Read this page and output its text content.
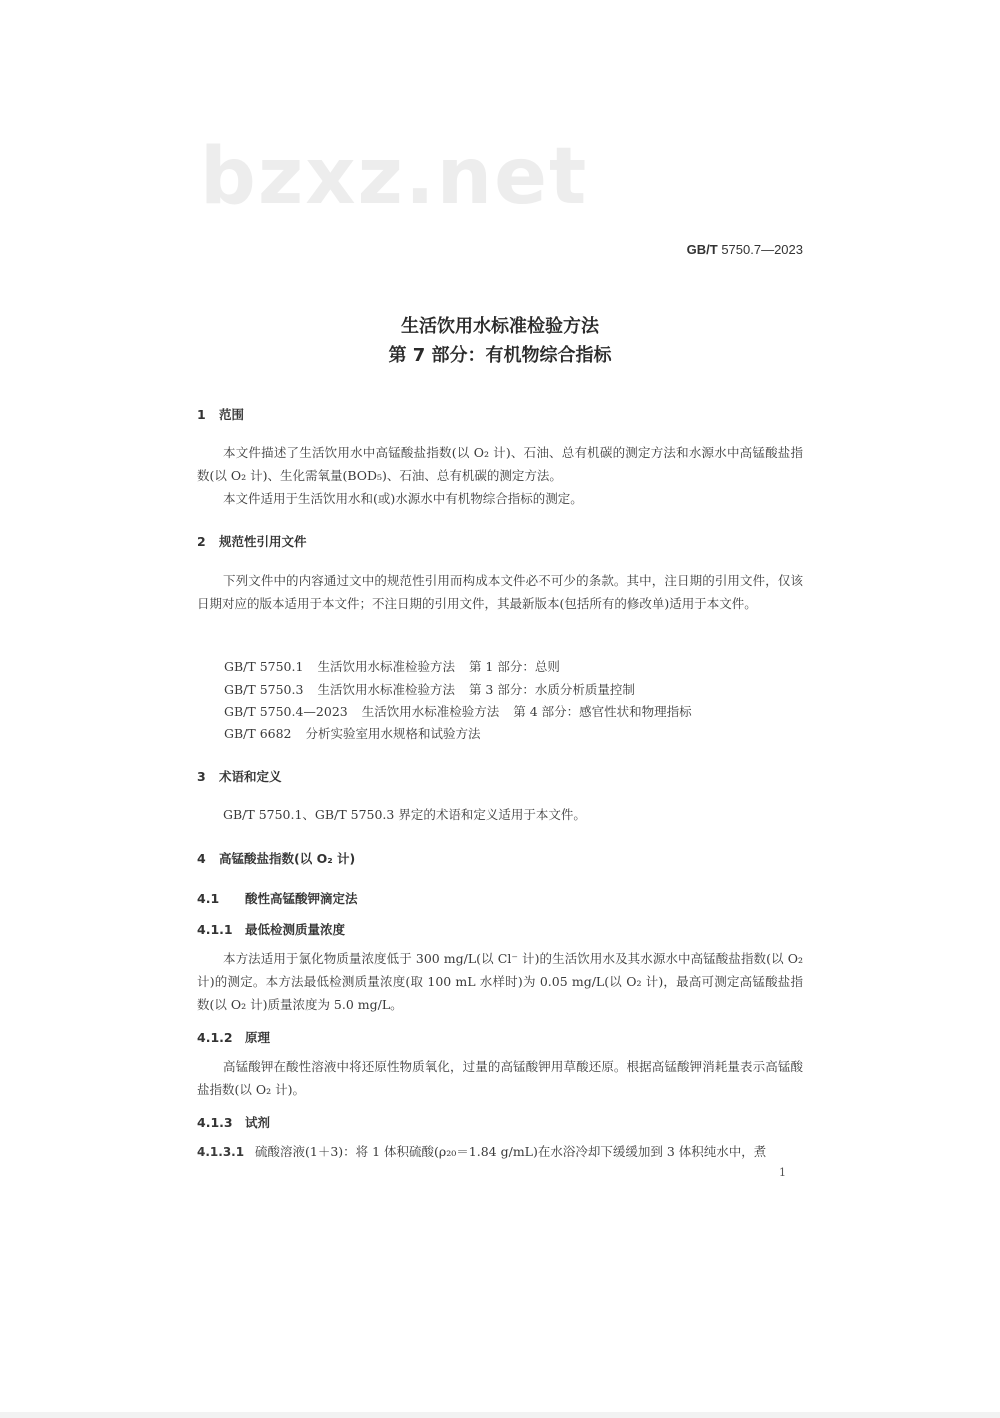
bzxz.net
GB/T 5750.7—2023
生活饮用水标准检验方法
第 7 部分：有机物综合指标
1 范围
本文件描述了生活饮用水中高锰酸盐指数(以 O₂ 计)、石油、总有机碳的测定方法和水源水中高锰酸盐指数(以 O₂ 计)、生化需氧量(BOD₅)、石油、总有机碳的测定方法。
本文件适用于生活饮用水和(或)水源水中有机物综合指标的测定。
2 规范性引用文件
下列文件中的内容通过文中的规范性引用而构成本文件必不可少的条款。其中，注日期的引用文件，仅该日期对应的版本适用于本文件；不注日期的引用文件，其最新版本(包括所有的修改单)适用于本文件。
GB/T 5750.1 生活饮用水标准检验方法 第 1 部分：总则
GB/T 5750.3 生活饮用水标准检验方法 第 3 部分：水质分析质量控制
GB/T 5750.4—2023 生活饮用水标准检验方法 第 4 部分：感官性状和物理指标
GB/T 6682 分析实验室用水规格和试验方法
3 术语和定义
GB/T 5750.1、GB/T 5750.3 界定的术语和定义适用于本文件。
4 高锰酸盐指数(以 O₂ 计)
4.1 酸性高锰酸钾滴定法
4.1.1 最低检测质量浓度
本方法适用于氯化物质量浓度低于 300 mg/L(以 Cl⁻ 计)的生活饮用水及其水源水中高锰酸盐指数(以 O₂ 计)的测定。本方法最低检测质量浓度(取 100 mL 水样时)为 0.05 mg/L(以 O₂ 计)，最高可测定高锰酸盐指数(以 O₂ 计)质量浓度为 5.0 mg/L。
4.1.2 原理
高锰酸钾在酸性溶液中将还原性物质氧化，过量的高锰酸钾用草酸还原。根据高锰酸钾消耗量表示高锰酸盐指数(以 O₂ 计)。
4.1.3 试剂
4.1.3.1 硫酸溶液(1＋3)：将 1 体积硫酸(ρ₂₀＝1.84 g/mL)在水浴冷却下缓缓加到 3 体积纯水中，煮
1
